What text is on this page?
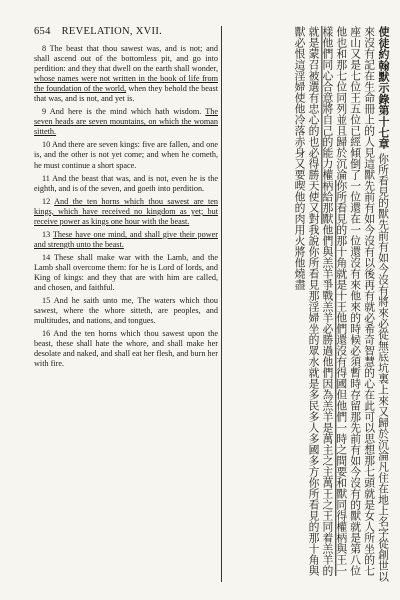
654 REVELATION, XVII.

8 The beast that thou sawest was, and is not; and shall ascend out of the bottomless pit, and go into perdition: and they that dwell on the earth shall wonder, whose names were not written in the book of life from the foundation of the world, when they behold the beast that was, and is not, and yet is.

9 And here is the mind which hath wisdom. The seven heads are seven mountains, on which the woman sitteth.

10 And there are seven kings: five are fallen, and one is, and the other is not yet come; and when he cometh, he must continue a short space.

11 And the beast that was, and is not, even he is the eighth, and is of the seven, and goeth into perdition.

12 And the ten horns which thou sawest are ten kings, which have received no kingdom as yet; but receive power as kings one hour with the beast.

13 These have one mind, and shall give their power and strength unto the beast.

14 These shall make war with the Lamb, and the Lamb shall overcome them: for he is Lord of lords, and King of kings: and they that are with him are called, and chosen, and faithful.

15 And he saith unto me, The waters which thou sawest, where the whore sitteth, are peoples, and multitudes, and nations, and tongues.

16 And the ten horns which thou sawest upon the beast, these shall hate the whore, and shall make her desolate and naked, and shall eat her flesh, and burn her with fire.

使徒約翰默示錄第十七章 你所看見的獸先前有如今沒有將來必從無底坑裏上來又歸於沉淪凡住在地上名字從創世以來沒有記在生命冊上的人見這獸先前有如今沒有以後再有就必希奇智慧的心在此可以思想那七頭就是女人所坐的七座山又是七位王五位已經傾倒了一位還在一位還沒有來他來的時候必須暫時存留那先前有如今沒有的獸就是第八位他也和那七位同列並且歸於沉淪你所看見的那十角就是十王他們還沒有得國但他們一時之間要和獸同得權柄與王一樣他們同心合意將自己的能力權柄給那獸他們與羔羊爭戰羔羊必勝過他們因為羔羊是萬主之主萬王之王同着羔羊的就是蒙召被選有忠心的也必得勝天使又對我說你所看見那淫婦坐的眾水就是多民多人多國多方你所看見的那十角與獸必恨這淫婦使他冷落赤身又要喫他的肉用火將他燒盡
